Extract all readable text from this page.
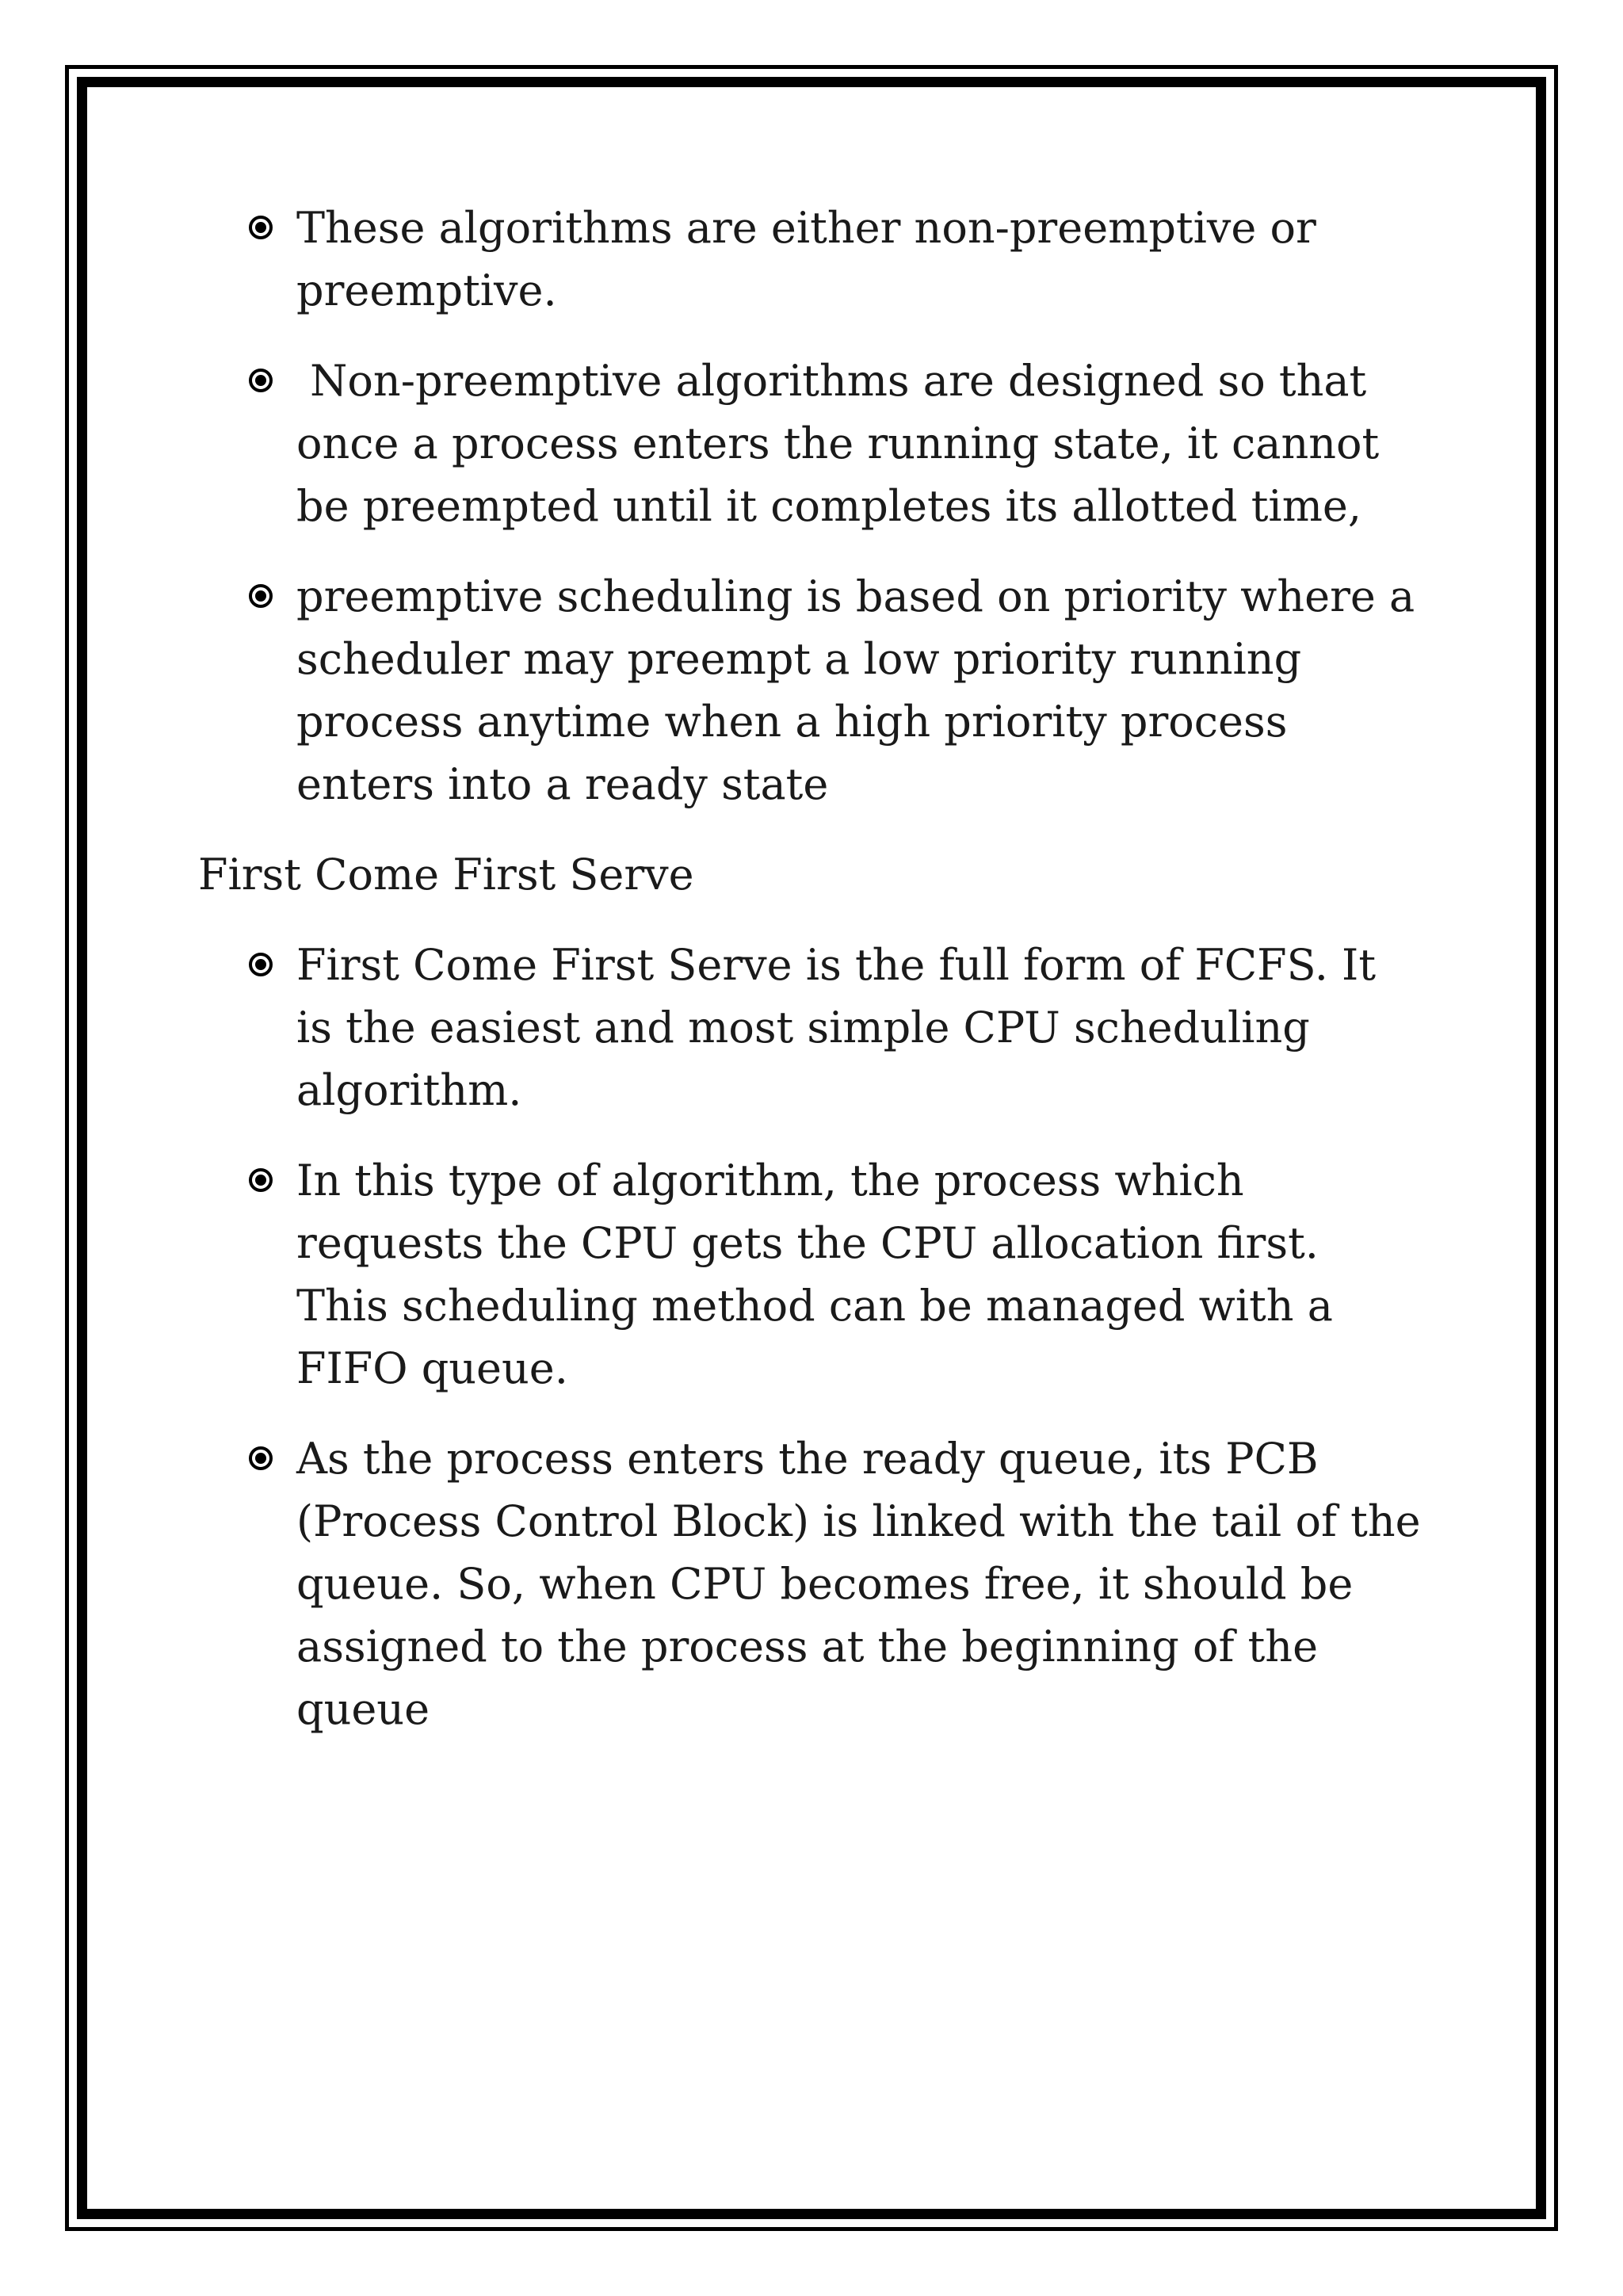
These algorithms are either non-preemptive or preemptive.
Non-preemptive algorithms are designed so that once a process enters the running state, it cannot be preempted until it completes its allotted time,
preemptive scheduling is based on priority where a scheduler may preempt a low priority running process anytime when a high priority process enters into a ready state
First Come First Serve
First Come First Serve is the full form of FCFS. It is the easiest and most simple CPU scheduling algorithm.
In this type of algorithm, the process which requests the CPU gets the CPU allocation first. This scheduling method can be managed with a FIFO queue.
As the process enters the ready queue, its PCB (Process Control Block) is linked with the tail of the queue. So, when CPU becomes free, it should be assigned to the process at the beginning of the queue
